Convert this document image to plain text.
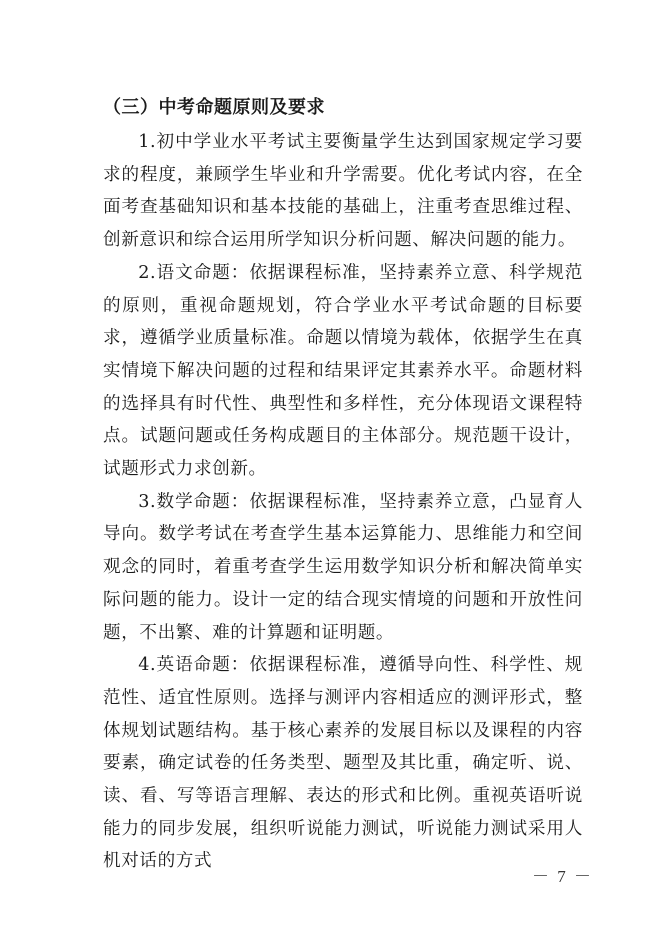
（三）中考命题原则及要求

1.初中学业水平考试主要衡量学生达到国家规定学习要求的程度，兼顾学生毕业和升学需要。优化考试内容，在全面考查基础知识和基本技能的基础上，注重考查思维过程、创新意识和综合运用所学知识分析问题、解决问题的能力。

2.语文命题：依据课程标准，坚持素养立意、科学规范的原则，重视命题规划，符合学业水平考试命题的目标要求，遵循学业质量标准。命题以情境为载体，依据学生在真实情境下解决问题的过程和结果评定其素养水平。命题材料的选择具有时代性、典型性和多样性，充分体现语文课程特点。试题问题或任务构成题目的主体部分。规范题干设计，试题形式力求创新。

3.数学命题：依据课程标准，坚持素养立意，凸显育人导向。数学考试在考查学生基本运算能力、思维能力和空间观念的同时，着重考查学生运用数学知识分析和解决简单实际问题的能力。设计一定的结合现实情境的问题和开放性问题，不出繁、难的计算题和证明题。

4.英语命题：依据课程标准，遵循导向性、科学性、规范性、适宜性原则。选择与测评内容相适应的测评形式，整体规划试题结构。基于核心素养的发展目标以及课程的内容要素，确定试卷的任务类型、题型及其比重，确定听、说、读、看、写等语言理解、表达的形式和比例。重视英语听说能力的同步发展，组织听说能力测试，听说能力测试采用人机对话的方式

－ 7 －
